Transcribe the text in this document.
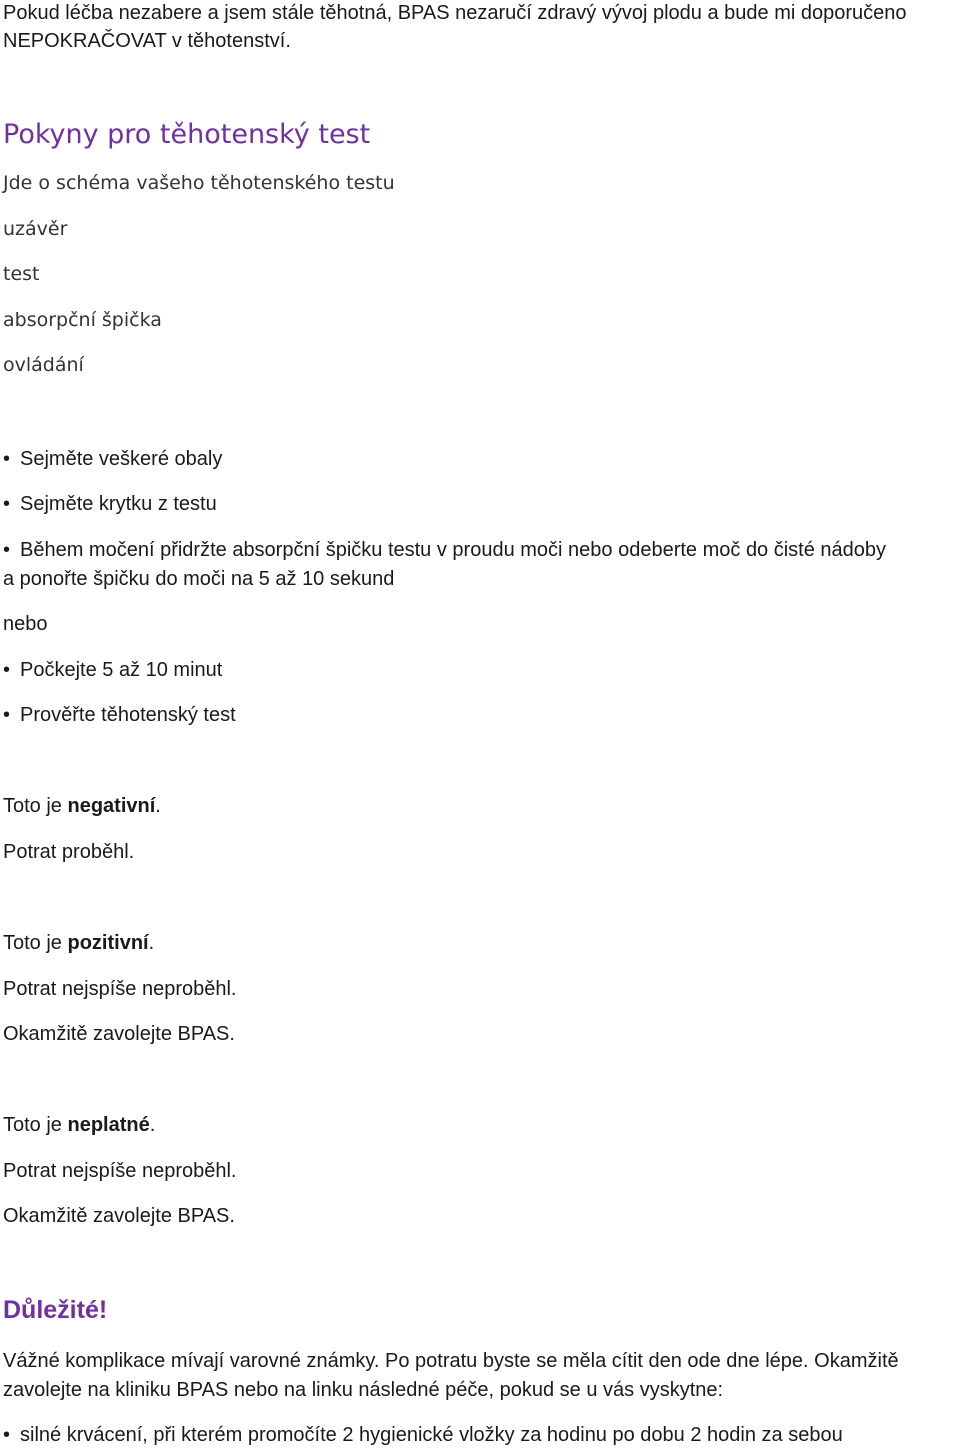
Pokud léčba nezabere a jsem stále těhotná, BPAS nezaručí zdravý vývoj plodu a bude mi doporučeno
NEPOKRAČOVAT v těhotenství.
Pokyny pro těhotenský test
Jde o schéma vašeho těhotenského testu
uzávěr
test
absorpční špička
ovládání
• Sejměte veškeré obaly
• Sejměte krytku z testu
• Během močení přidržte absorpční špičku testu v proudu moči nebo odeberte moč do čisté nádoby
a ponořte špičku do moči na 5 až 10 sekund
nebo
• Počkejte 5 až 10 minut
• Prověřte těhotenský test
Toto je negativní.
Potrat proběhl.
Toto je pozitivní.
Potrat nejspíše neproběhl.
Okamžitě zavolejte BPAS.
Toto je neplatné.
Potrat nejspíše neproběhl.
Okamžitě zavolejte BPAS.
Důležité!
Vážné komplikace mívají varovné známky. Po potratu byste se měla cítit den ode dne lépe. Okamžitě
zavolejte na kliniku BPAS nebo na linku následné péče, pokud se u vás vyskytne:
• silné krvácení, při kterém promočíte 2 hygienické vložky za hodinu po dobu 2 hodin za sebou
